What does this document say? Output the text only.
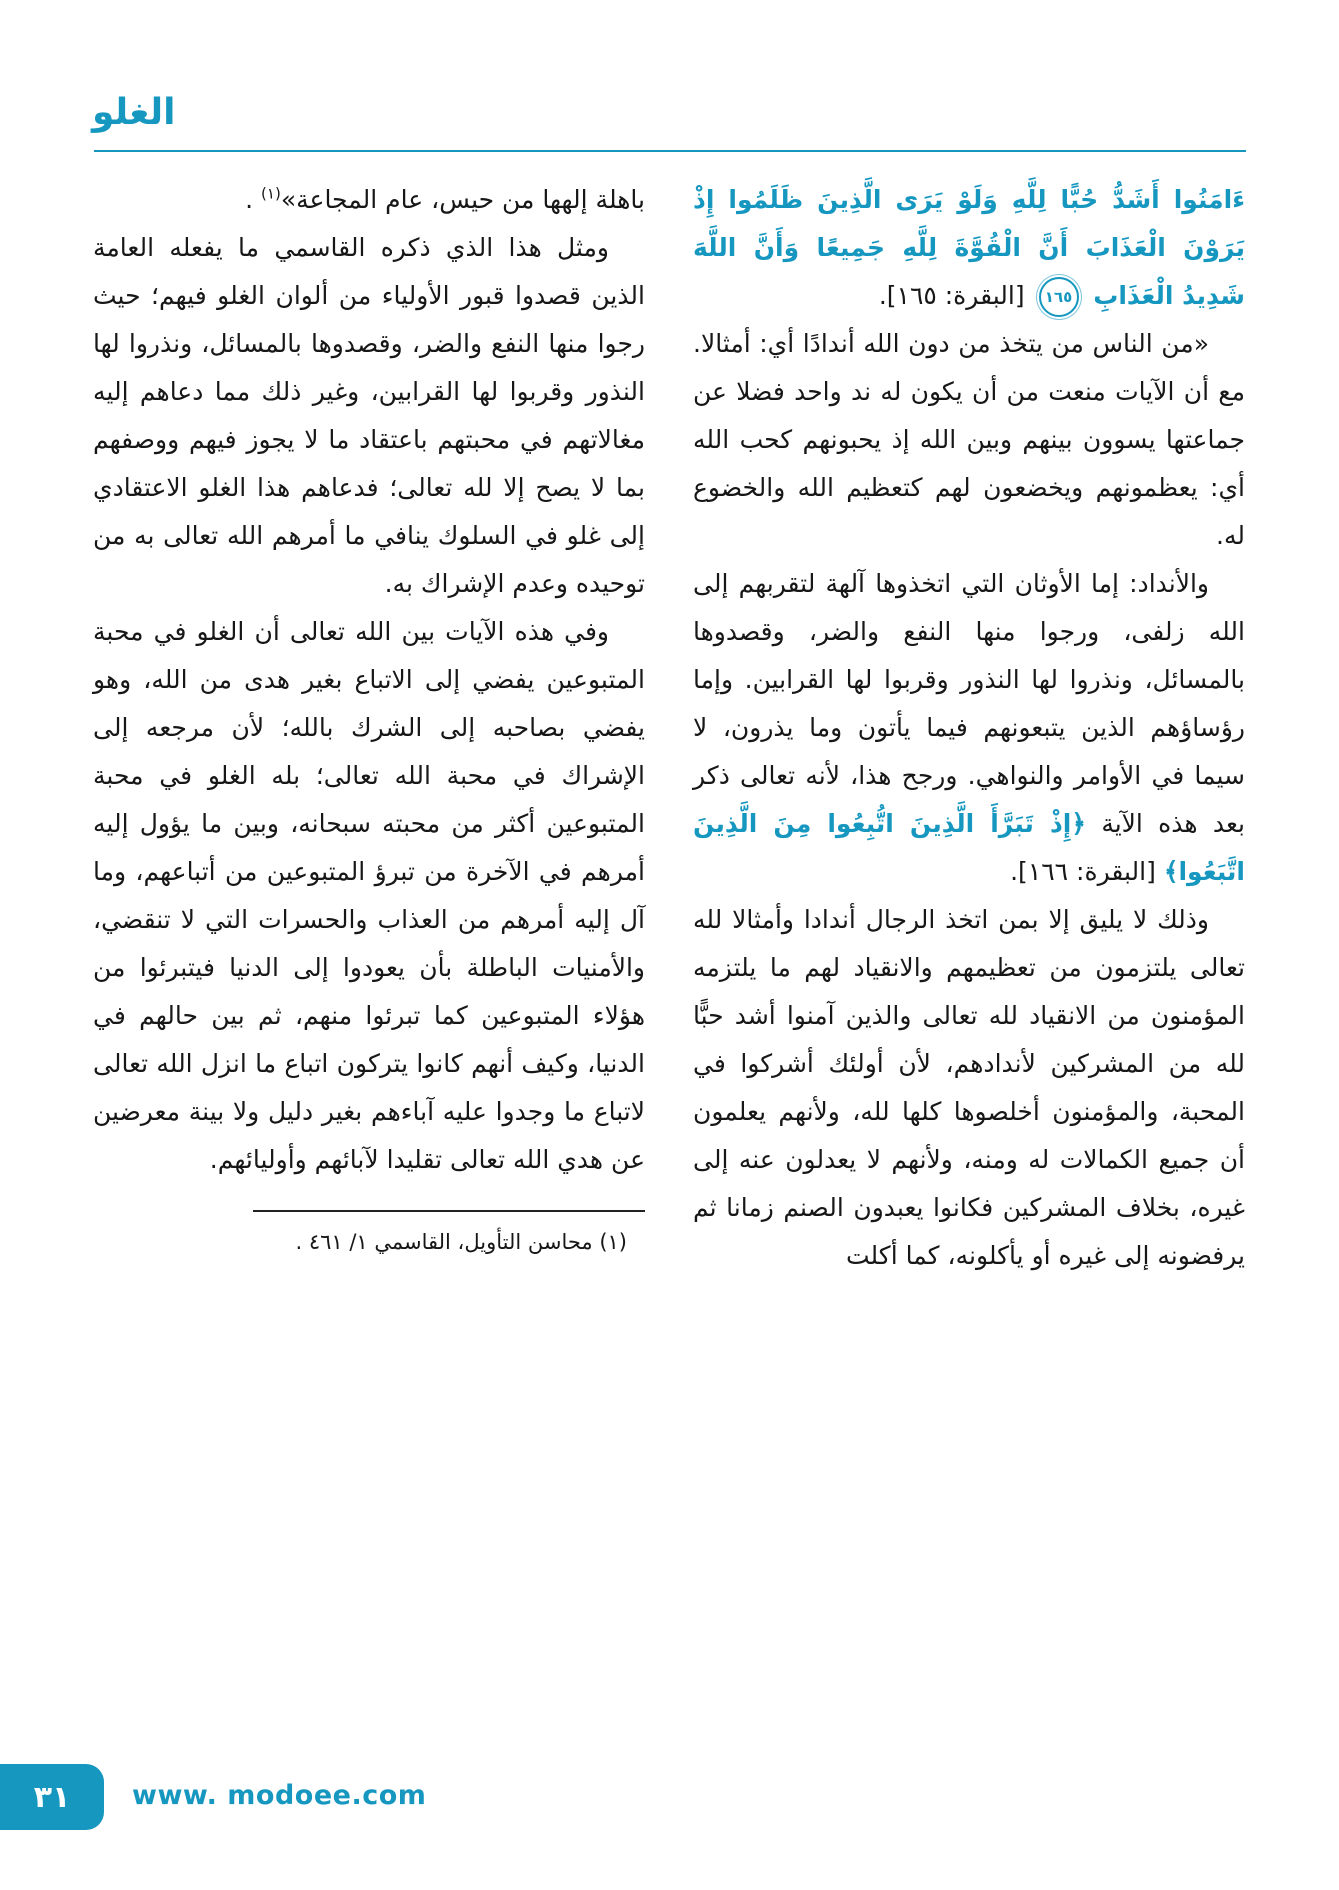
الغلو

ءَامَنُوا أَشَدُّ حُبًّا لِلَّهِ وَلَوْ يَرَى الَّذِينَ ظَلَمُوا إِذْ يَرَوْنَ الْعَذَابَ أَنَّ الْقُوَّةَ لِلَّهِ جَمِيعًا وَأَنَّ اللَّهَ شَدِيدُ الْعَذَابِ ١٦٥ [البقرة: ١٦٥].

«من الناس من يتخذ من دون الله أندادًا أي: أمثالا. مع أن الآيات منعت من أن يكون له ند واحد فضلا عن جماعتها يسوون بينهم وبين الله إذ يحبونهم كحب الله أي: يعظمونهم ويخضعون لهم كتعظيم الله والخضوع له.

والأنداد: إما الأوثان التي اتخذوها آلهة لتقربهم إلى الله زلفى، ورجوا منها النفع والضر، وقصدوها بالمسائل، ونذروا لها النذور وقربوا لها القرابين. وإما رؤساؤهم الذين يتبعونهم فيما يأتون وما يذرون، لا سيما في الأوامر والنواهي. ورجح هذا، لأنه تعالى ذكر بعد هذه الآية ﴿إِذْ تَبَرَّأَ الَّذِينَ اتُّبِعُوا مِنَ الَّذِينَ اتَّبَعُوا﴾ [البقرة: ١٦٦].

وذلك لا يليق إلا بمن اتخذ الرجال أندادا وأمثالا لله تعالى يلتزمون من تعظيمهم والانقياد لهم ما يلتزمه المؤمنون من الانقياد لله تعالى والذين آمنوا أشد حبًّا لله من المشركين لأندادهم، لأن أولئك أشركوا في المحبة، والمؤمنون أخلصوها كلها لله، ولأنهم يعلمون أن جميع الكمالات له ومنه، ولأنهم لا يعدلون عنه إلى غيره، بخلاف المشركين فكانوا يعبدون الصنم زمانا ثم يرفضونه إلى غيره أو يأكلونه، كما أكلت

باهلة إلهها من حيس، عام المجاعة»$^{(١)}$ .

ومثل هذا الذي ذكره القاسمي ما يفعله العامة الذين قصدوا قبور الأولياء من ألوان الغلو فيهم؛ حيث رجوا منها النفع والضر، وقصدوها بالمسائل، ونذروا لها النذور وقربوا لها القرابين، وغير ذلك مما دعاهم إليه مغالاتهم في محبتهم باعتقاد ما لا يجوز فيهم ووصفهم بما لا يصح إلا لله تعالى؛ فدعاهم هذا الغلو الاعتقادي إلى غلو في السلوك ينافي ما أمرهم الله تعالى به من توحيده وعدم الإشراك به.

وفي هذه الآيات بين الله تعالى أن الغلو في محبة المتبوعين يفضي إلى الاتباع بغير هدى من الله، وهو يفضي بصاحبه إلى الشرك بالله؛ لأن مرجعه إلى الإشراك في محبة الله تعالى؛ بله الغلو في محبة المتبوعين أكثر من محبته سبحانه، وبين ما يؤول إليه أمرهم في الآخرة من تبرؤ المتبوعين من أتباعهم، وما آل إليه أمرهم من العذاب والحسرات التي لا تنقضي، والأمنيات الباطلة بأن يعودوا إلى الدنيا فيتبرئوا من هؤلاء المتبوعين كما تبرئوا منهم، ثم بين حالهم في الدنيا، وكيف أنهم كانوا يتركون اتباع ما انزل الله تعالى لاتباع ما وجدوا عليه آباءهم بغير دليل ولا بينة معرضين عن هدي الله تعالى تقليدا لآبائهم وأوليائهم.

(١) محاسن التأويل، القاسمي ١/ ٤٦١ .

٣١ www. modoee.com
